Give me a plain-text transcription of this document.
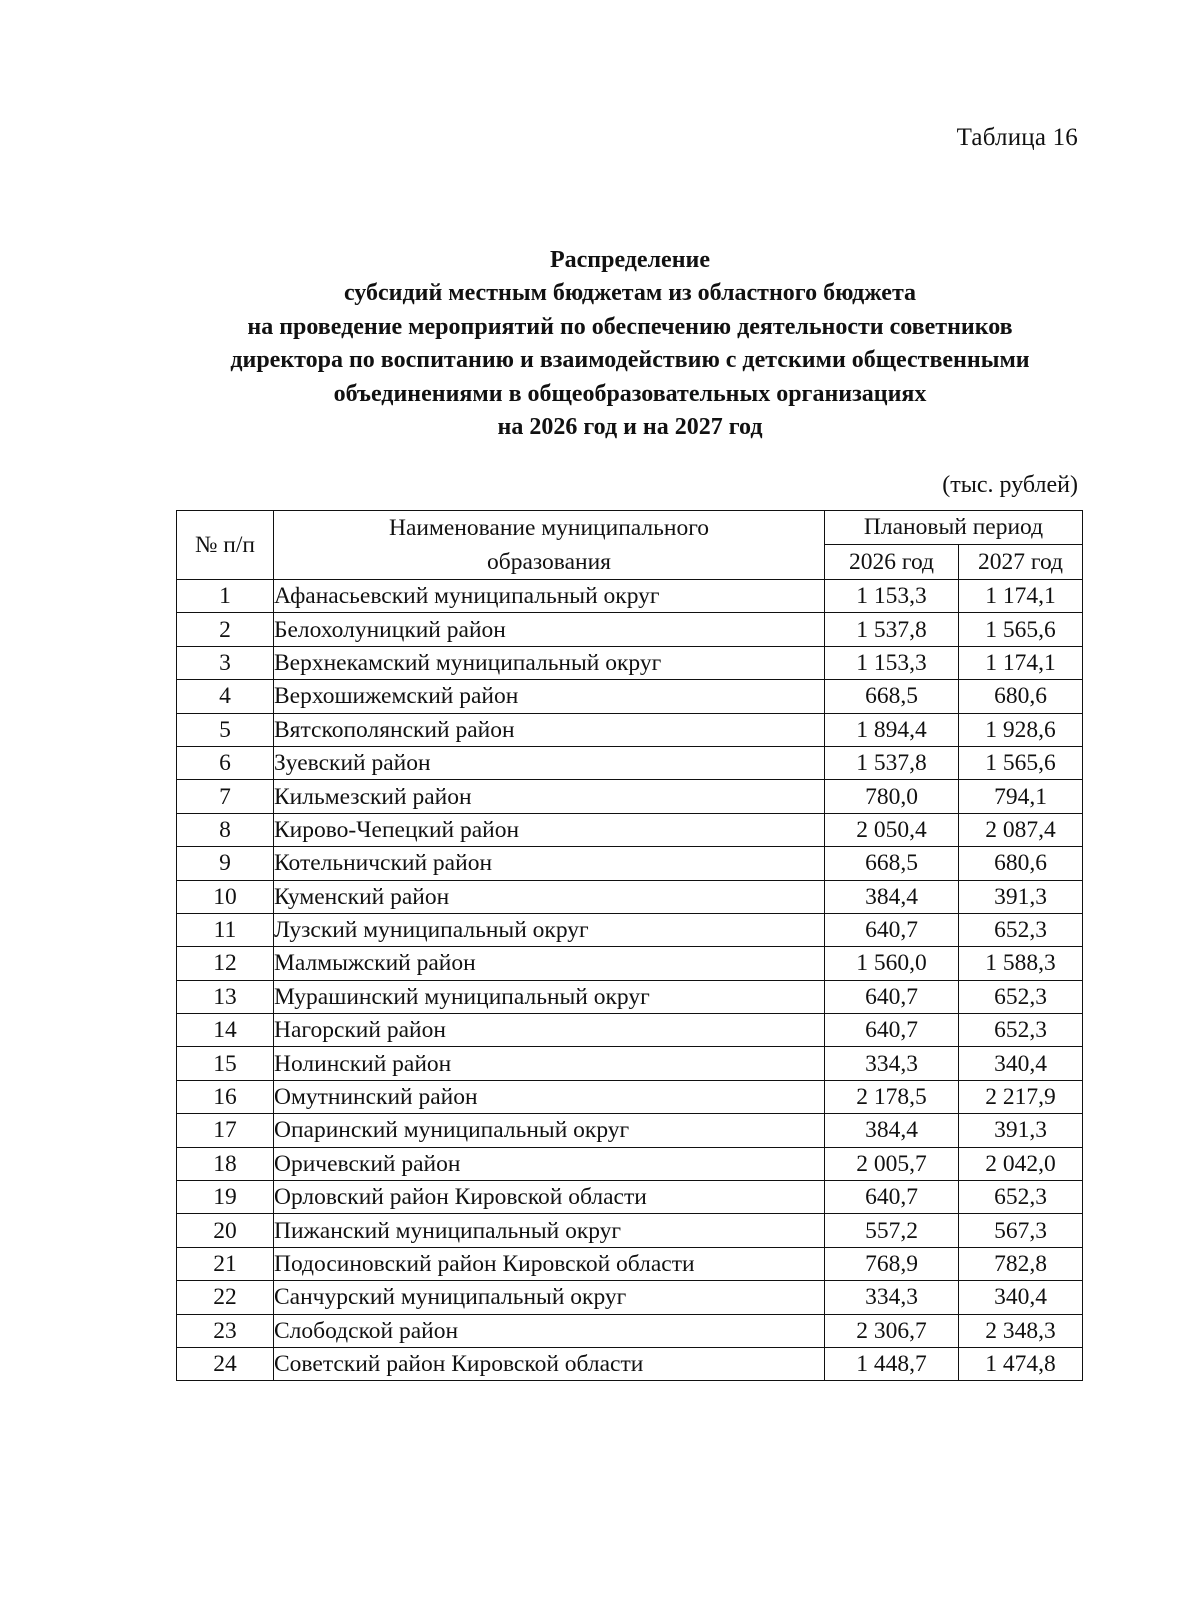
Таблица 16
Распределение
субсидий местным бюджетам из областного бюджета
на проведение мероприятий по обеспечению деятельности советников
директора по воспитанию и взаимодействию с детскими общественными
объединениями в общеобразовательных организациях
на 2026 год и на 2027 год
(тыс. рублей)
№ п/п	Наименование муниципального образования	Плановый период	
		2026 год	2027 год
1	Афанасьевский муниципальный округ	1 153,3	1 174,1
2	Белохолуницкий район	1 537,8	1 565,6
3	Верхнекамский муниципальный округ	1 153,3	1 174,1
4	Верхошижемский район	668,5	680,6
5	Вятскополянский район	1 894,4	1 928,6
6	Зуевский район	1 537,8	1 565,6
7	Кильмезский район	780,0	794,1
8	Кирово-Чепецкий район	2 050,4	2 087,4
9	Котельничский район	668,5	680,6
10	Куменский район	384,4	391,3
11	Лузский муниципальный округ	640,7	652,3
12	Малмыжский район	1 560,0	1 588,3
13	Мурашинский муниципальный округ	640,7	652,3
14	Нагорский район	640,7	652,3
15	Нолинский район	334,3	340,4
16	Омутнинский район	2 178,5	2 217,9
17	Опаринский муниципальный округ	384,4	391,3
18	Оричевский район	2 005,7	2 042,0
19	Орловский район Кировской области	640,7	652,3
20	Пижанский муниципальный округ	557,2	567,3
21	Подосиновский район Кировской области	768,9	782,8
22	Санчурский муниципальный округ	334,3	340,4
23	Слободской район	2 306,7	2 348,3
24	Советский район Кировской области	1 448,7	1 474,8
